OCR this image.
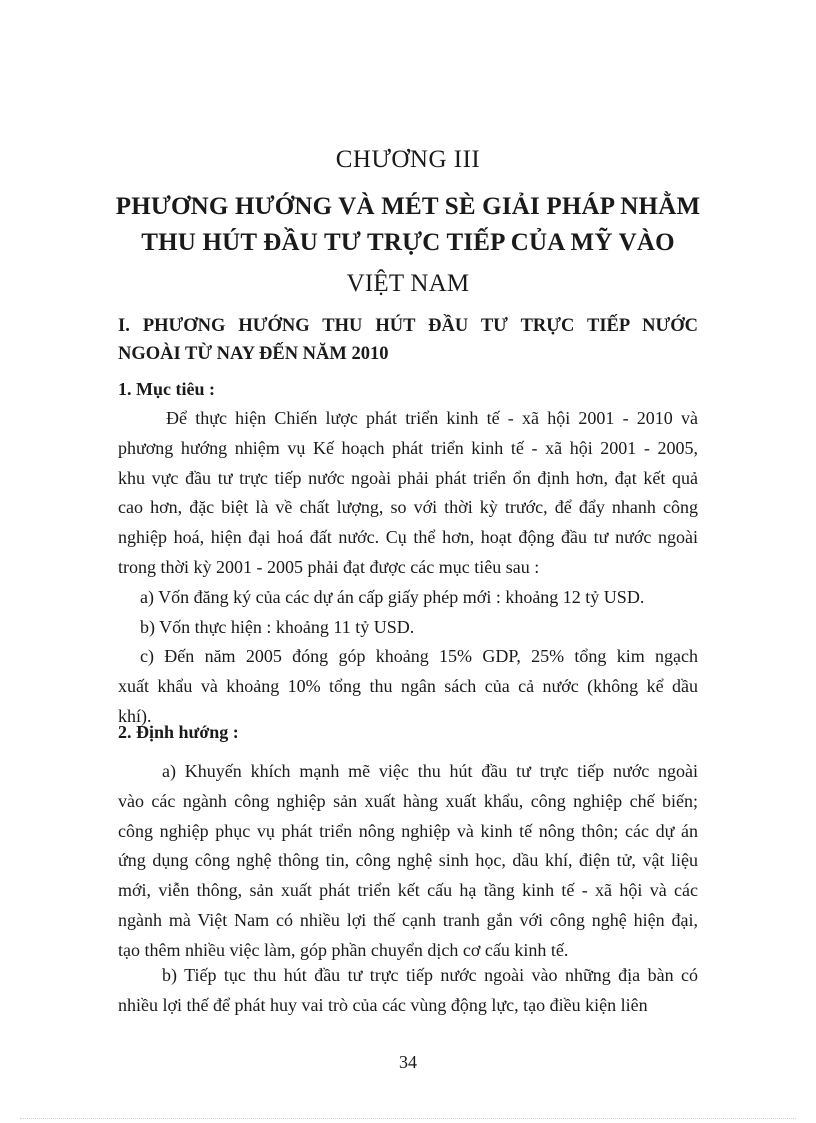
CHƯƠNG III
PHƯƠNG HƯỚNG VÀ MÉT SÈ GIẢI PHÁP NHẰM
THU HÚT ĐẦU TƯ TRỰC TIẾP CỦA MỸ VÀO
VIỆT NAM
I. PHƯƠNG HƯỚNG THU HÚT ĐẦU TƯ TRỰC TIẾP NƯỚC
NGOÀI TỪ NAY ĐẾN NĂM 2010
1. Mục tiêu :
Để thực hiện Chiến lược phát triển kinh tế - xã hội 2001 - 2010 và
phương hướng nhiệm vụ Kế hoạch phát triển kinh tế - xã hội 2001 - 2005,
khu vực đầu tư trực tiếp nước ngoài phải phát triển ổn định hơn, đạt kết quả
cao hơn, đặc biệt là về chất lượng, so với thời kỳ trước, để đẩy nhanh công
nghiệp hoá, hiện đại hoá đất nước. Cụ thể hơn, hoạt động đầu tư nước ngoài
trong thời kỳ 2001 - 2005 phải đạt được các mục tiêu sau :
a) Vốn đăng ký của các dự án cấp giấy phép mới : khoảng 12 tỷ USD.
b) Vốn thực hiện : khoảng 11 tỷ USD.
c) Đến năm 2005 đóng góp khoảng 15% GDP, 25% tổng kim ngạch
xuất khẩu và khoảng 10% tổng thu ngân sách của cả nước (không kể dầu
khí).
2. Định hướng :
a) Khuyến khích mạnh mẽ việc thu hút đầu tư trực tiếp nước ngoài
vào các ngành công nghiệp sản xuất hàng xuất khẩu, công nghiệp chế biến;
công nghiệp phục vụ phát triển nông nghiệp và kinh tế nông thôn; các dự án
ứng dụng công nghệ thông tin, công nghệ sinh học, dầu khí, điện tử, vật liệu
mới, viễn thông, sản xuất phát triển kết cấu hạ tầng kinh tế - xã hội và các
ngành mà Việt Nam có nhiều lợi thế cạnh tranh gắn với công nghệ hiện đại,
tạo thêm nhiều việc làm, góp phần chuyển dịch cơ cấu kinh tế.
b) Tiếp tục thu hút đầu tư trực tiếp nước ngoài vào những địa bàn có
nhiều lợi thế để phát huy vai trò của các vùng động lực, tạo điều kiện liên
34
